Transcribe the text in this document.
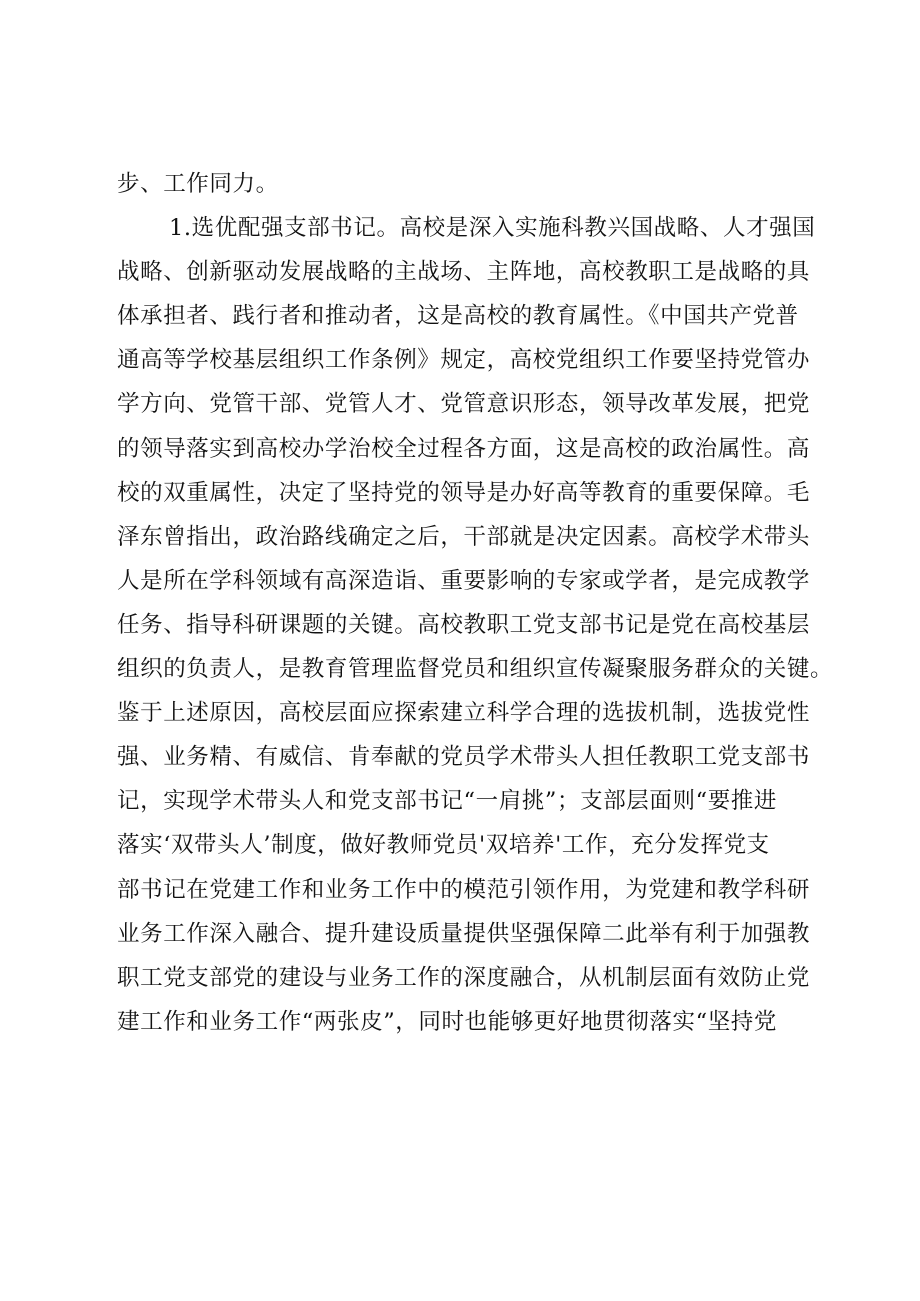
步、工作同力。
1.选优配强支部书记。高校是深入实施科教兴国战略、人才强国
战略、创新驱动发展战略的主战场、主阵地，高校教职工是战略的具
体承担者、践行者和推动者，这是高校的教育属性。《中国共产党普
通高等学校基层组织工作条例》规定，高校党组织工作要坚持党管办
学方向、党管干部、党管人才、党管意识形态，领导改革发展，把党
的领导落实到高校办学治校全过程各方面，这是高校的政治属性。高
校的双重属性，决定了坚持党的领导是办好高等教育的重要保障。毛
泽东曾指出，政治路线确定之后，干部就是决定因素。高校学术带头
人是所在学科领域有高深造诣、重要影响的专家或学者，是完成教学
任务、指导科研课题的关键。高校教职工党支部书记是党在高校基层
组织的负责人，是教育管理监督党员和组织宣传凝聚服务群众的关键。
鉴于上述原因，高校层面应探索建立科学合理的选拔机制，选拔党性
强、业务精、有威信、肯奉献的党员学术带头人担任教职工党支部书
记，实现学术带头人和党支部书记“一肩挑”；支部层面则“要推进
落实‘双带头人’制度，做好教师党员'双培养'工作，充分发挥党支
部书记在党建工作和业务工作中的模范引领作用，为党建和教学科研
业务工作深入融合、提升建设质量提供坚强保障二此举有利于加强教
职工党支部党的建设与业务工作的深度融合，从机制层面有效防止党
建工作和业务工作“两张皮”，同时也能够更好地贯彻落实“坚持党
